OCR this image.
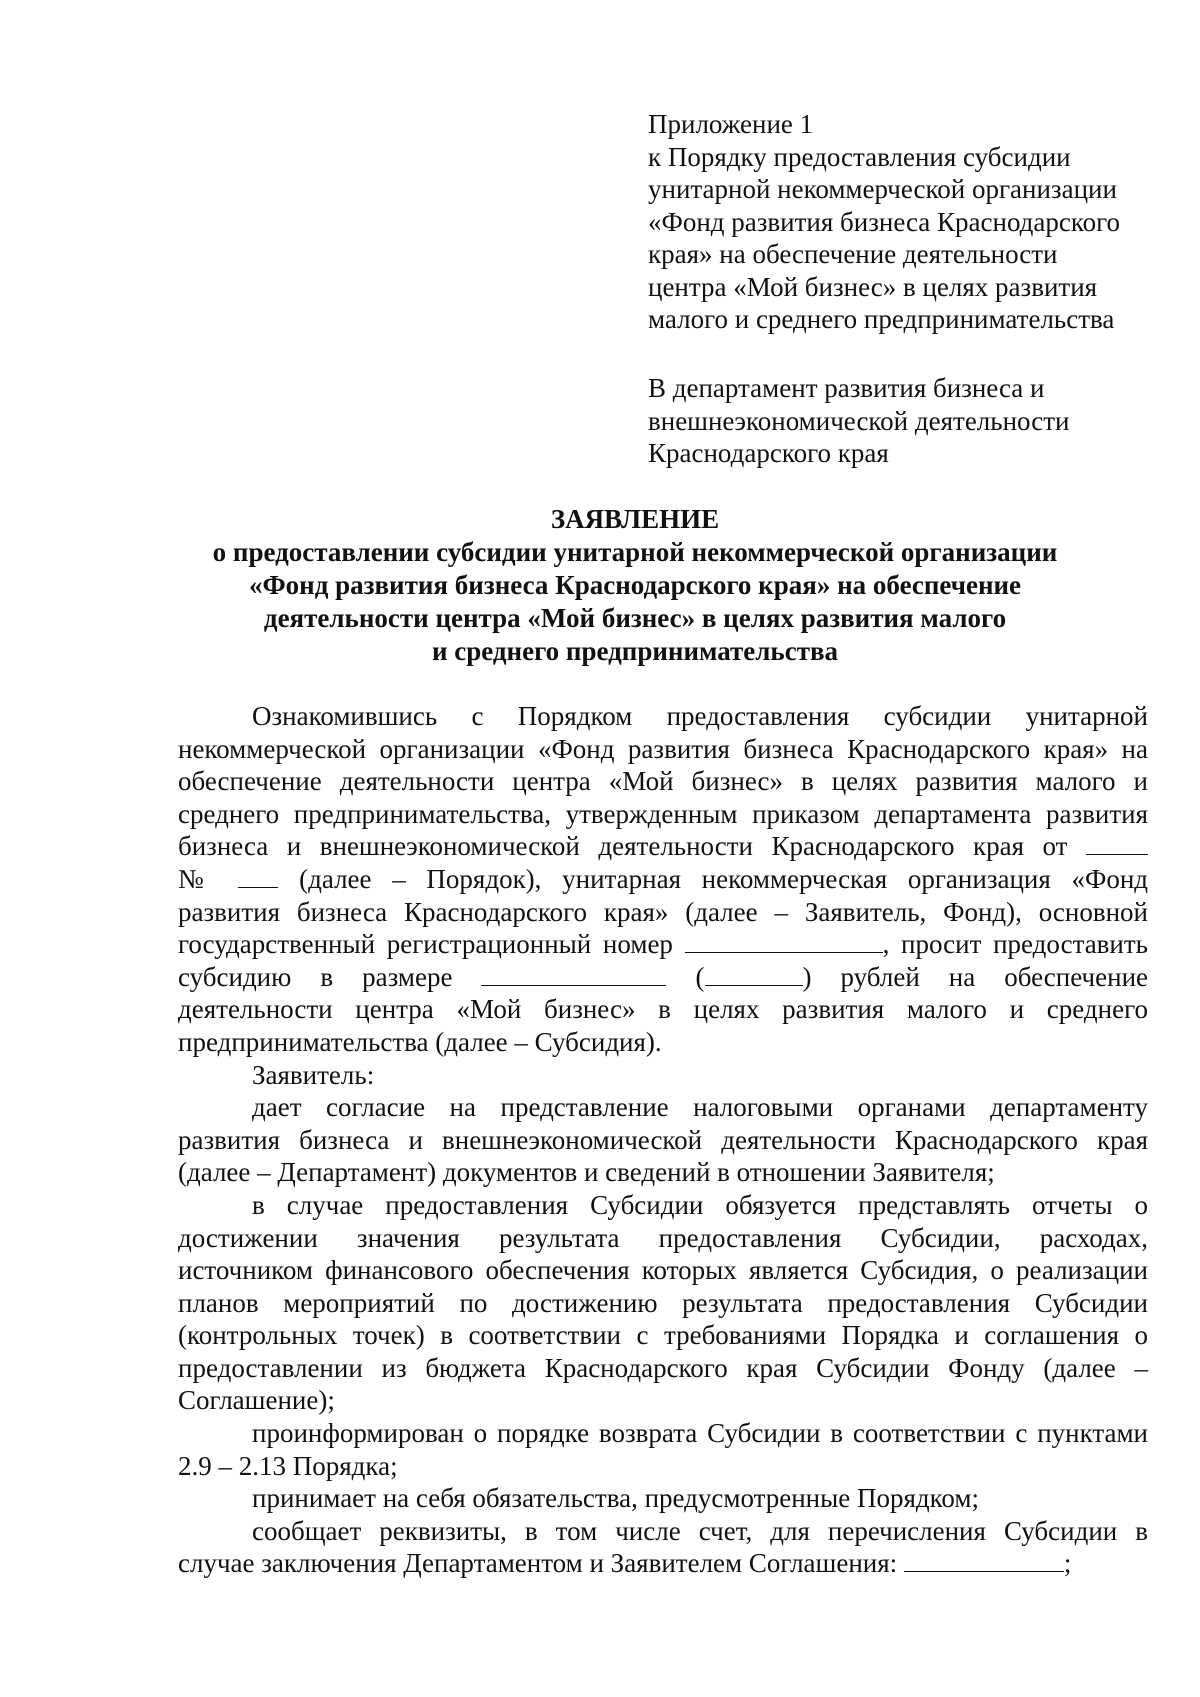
Приложение 1
к Порядку предоставления субсидии
унитарной некоммерческой организации
«Фонд развития бизнеса Краснодарского
края» на обеспечение деятельности
центра «Мой бизнес» в целях развития
малого и среднего предпринимательства
В департамент развития бизнеса и
внешнеэкономической деятельности
Краснодарского края
ЗАЯВЛЕНИЕ
о предоставлении субсидии унитарной некоммерческой организации
«Фонд развития бизнеса Краснодарского края» на обеспечение
деятельности центра «Мой бизнес» в целях развития малого
и среднего предпринимательства
Ознакомившись с Порядком предоставления субсидии унитарной
некоммерческой организации «Фонд развития бизнеса Краснодарского края» на
обеспечение деятельности центра «Мой бизнес» в целях развития малого и
среднего предпринимательства, утвержденным приказом департамента развития
бизнеса и внешнеэкономической деятельности Краснодарского края от
№	(далее – Порядок), унитарная некоммерческая организация «Фонд
развития бизнеса Краснодарского края» (далее – Заявитель, Фонд), основной
государственный регистрационный номер	, просит предоставить
субсидию в размере	(	) рублей на обеспечение
деятельности центра «Мой бизнес» в целях развития малого и среднего
предпринимательства (далее – Субсидия).
Заявитель:
дает согласие на представление налоговыми органами департаменту
развития бизнеса и внешнеэкономической деятельности Краснодарского края
(далее – Департамент) документов и сведений в отношении Заявителя;
в случае предоставления Субсидии обязуется представлять отчеты о
достижении значения результата предоставления Субсидии, расходах,
источником финансового обеспечения которых является Субсидия, о реализации
планов мероприятий по достижению результата предоставления Субсидии
(контрольных точек) в соответствии с требованиями Порядка и соглашения о
предоставлении из бюджета Краснодарского края Субсидии Фонду (далее –
Соглашение);
проинформирован о порядке возврата Субсидии в соответствии с пунктами
2.9 – 2.13 Порядка;
принимает на себя обязательства, предусмотренные Порядком;
сообщает реквизиты, в том числе счет, для перечисления Субсидии в
случае заключения Департаментом и Заявителем Соглашения:	;
